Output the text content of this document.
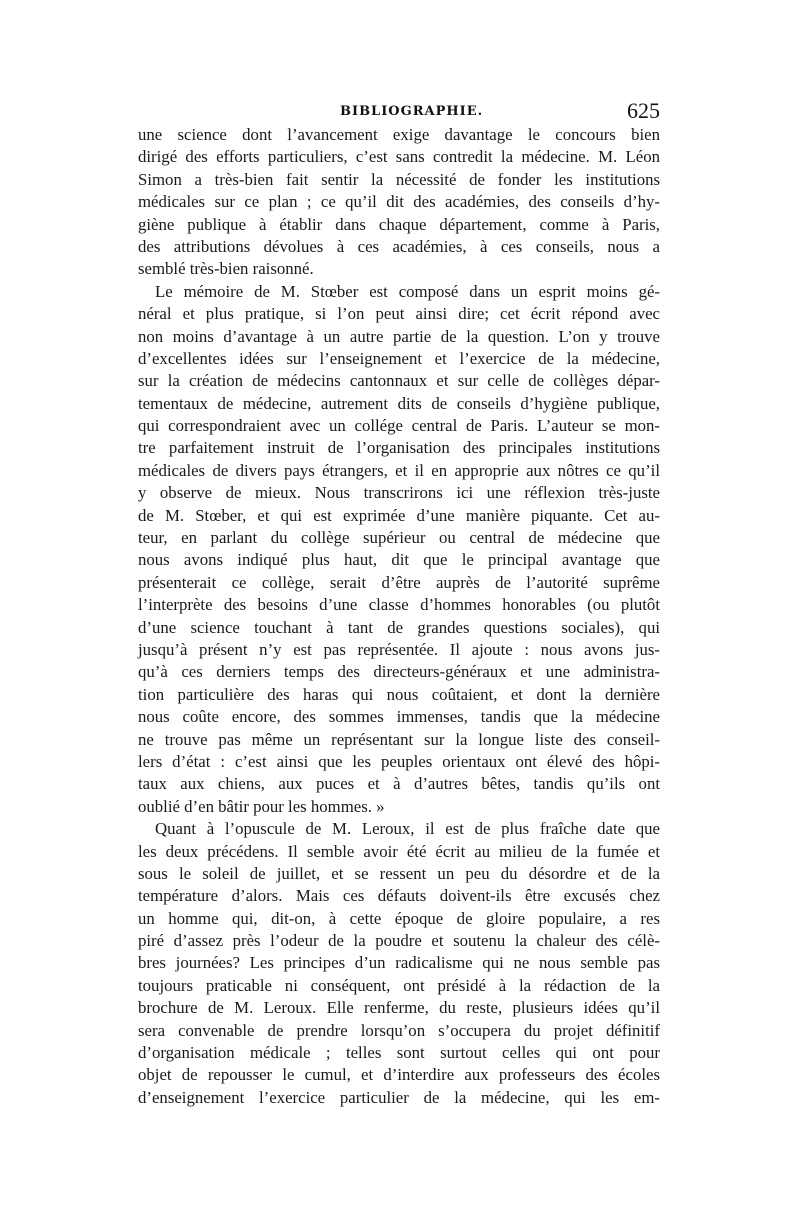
BIBLIOGRAPHIE.	625
une science dont l’avancement exige davantage le concours bien
dirigé des efforts particuliers, c’est sans contredit la médecine. M. Léon
Simon a très-bien fait sentir la nécessité de fonder les institutions
médicales sur ce plan ; ce qu’il dit des académies, des conseils d’hy-
giène publique à établir dans chaque département, comme à Paris,
des attributions dévolues à ces académies, à ces conseils, nous a
semblé très-bien raisonné.
Le mémoire de M. Stœber est composé dans un esprit moins gé-
néral et plus pratique, si l’on peut ainsi dire; cet écrit répond avec
non moins d’avantage à un autre partie de la question. L’on y trouve
d’excellentes idées sur l’enseignement et l’exercice de la médecine,
sur la création de médecins cantonnaux et sur celle de collèges dépar-
tementaux de médecine, autrement dits de conseils d’hygiène publique,
qui correspondraient avec un collége central de Paris. L’auteur se mon-
tre parfaitement instruit de l’organisation des principales institutions
médicales de divers pays étrangers, et il en approprie aux nôtres ce qu’il
y observe de mieux. Nous transcrirons ici une réflexion très-juste
de M. Stœber, et qui est exprimée d’une manière piquante. Cet au-
teur, en parlant du collège supérieur ou central de médecine que
nous avons indiqué plus haut, dit que le principal avantage que
présenterait ce collège, serait d’être auprès de l’autorité suprême
l’interprète des besoins d’une classe d’hommes honorables (ou plutôt
d’une science touchant à tant de grandes questions sociales), qui
jusqu’à présent n’y est pas représentée. Il ajoute : nous avons jus-
qu’à ces derniers temps des directeurs-généraux et une administra-
tion particulière des haras qui nous coûtaient, et dont la dernière
nous coûte encore, des sommes immenses, tandis que la médecine
ne trouve pas même un représentant sur la longue liste des conseil-
lers d’état : c’est ainsi que les peuples orientaux ont élevé des hôpi-
taux aux chiens, aux puces et à d’autres bêtes, tandis qu’ils ont
oublié d’en bâtir pour les hommes. »
Quant à l’opuscule de M. Leroux, il est de plus fraîche date que
les deux précédens. Il semble avoir été écrit au milieu de la fumée et
sous le soleil de juillet, et se ressent un peu du désordre et de la
température d’alors. Mais ces défauts doivent-ils être excusés chez
un homme qui, dit-on, à cette époque de gloire populaire, a res
piré d’assez près l’odeur de la poudre et soutenu la chaleur des célè-
bres journées? Les principes d’un radicalisme qui ne nous semble pas
toujours praticable ni conséquent, ont présidé à la rédaction de la
brochure de M. Leroux. Elle renferme, du reste, plusieurs idées qu’il
sera convenable de prendre lorsqu’on s’occupera du projet définitif
d’organisation médicale ; telles sont surtout celles qui ont pour
objet de repousser le cumul, et d’interdire aux professeurs des écoles
d’enseignement l’exercice particulier de la médecine, qui les em-
